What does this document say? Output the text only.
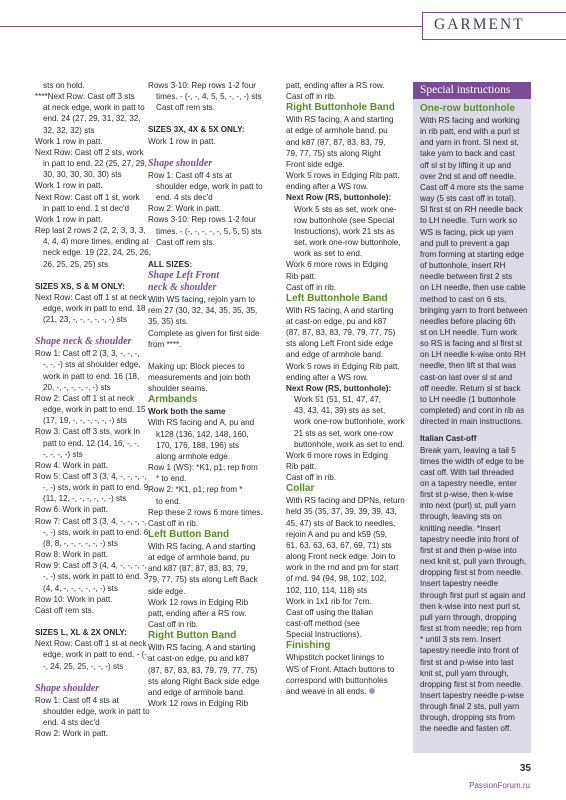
GARMENT

sts on hold.

****Next Row: Cast off 3 sts

at neck edge, work in patt to

end. 24 (27, 29, 31, 32, 32,

32, 32, 32) sts

Work 1 row in patt.

Next Row: Cast off 2 sts, work

in patt to end. 22 (25, 27, 29,

30, 30, 30, 30, 30) sts

Work 1 row in patt.

Next Row: Cast off 1 st, work

in patt to end. 1 st dec'd

Work 1 row in patt.

Rep last 2 rows 2 (2, 2, 3, 3, 3,

4, 4, 4) more times, ending at

neck edge. 19 (22, 24, 25, 26,

26, 25, 25, 25) sts

SIZES XS, S & M ONLY:

Next Row: Cast off 1 st at neck

edge, work in patt to end. 18

(21, 23, -, -, -, -, -, -) sts

Shape neck & shoulder

Row 1: Cast off 2 (3, 3, -, -, -,

-, -, -) sts at shoulder edge,

work in patt to end. 16 (18,

20, -, -, -, -, -, -) sts

Row 2: Cast off 1 st at neck

edge, work in patt to end. 15

(17, 19, -, -, -, -, -, -) sts

Row 3: Cast off 3 sts, work in

patt to end. 12 (14, 16, -, -,

-, -, -, -) sts

Row 4: Work in patt.

Row 5: Cast off 3 (3, 4, -, -, -, -,

-, -) sts, work in patt to end. 9

(11, 12, -, -, -, -, -, -) sts

Row 6: Work in patt.

Row 7: Cast off 3 (3, 4, -, -, -, -,

-, -) sts, work in patt to end. 6

(8, 8, -, -, -, -, -, -) sts

Row 8: Work in patt.

Row 9: Cast off 3 (4, 4, -, -, -, -,

-, -) sts, work in patt to end. 3

(4, 4, -, -, -, -, -, -) sts

Row 10: Work in patt.

Cast off rem sts.

SIZES L, XL & 2X ONLY:

Next Row: Cast off 1 st at neck

edge, work in patt to end. - (-,

-, 24, 25, 25, -, -, -) sts

Shape shoulder

Row 1: Cast off 4 sts at

shoulder edge, work in patt to

end. 4 sts dec'd

Row 2: Work in patt.

Rows 3-10: Rep rows 1-2 four

times. - (-, -, 4, 5, 5, -, -, -) sts

Cast off rem sts.

SIZES 3X, 4X & 5X ONLY:

Work 1 row in patt.

Shape shoulder

Row 1: Cast off 4 sts at

shoulder edge, work in patt to

end. 4 sts dec'd

Row 2: Work in patt.

Rows 3-10: Rep rows 1-2 four

times. - (-, -, -, -, -, 5, 5, 5) sts

Cast off rem sts.

ALL SIZES:

Shape Left Front

neck & shoulder

With WS facing, rejoin yarn to

rem 27 (30, 32, 34, 35, 35, 35,

35, 35) sts.

Complete as given for first side

from ****.

Making up: Block pieces to

measurements and join both

shoulder seams.

Armbands

Work both the same

With RS facing and A, pu and

k128 (136, 142, 148, 160,

170, 176, 188, 196) sts

along armhole edge.

Row 1 (WS): *K1, p1; rep from

* to end.

Row 2: *K1, p1; rep from *

to end.

Rep these 2 rows 6 more times.

Cast off in rib.

Left Button Band

With RS facing, A and starting

at edge of armhole band, pu

and k87 (87, 87, 83, 83, 79,

79, 77, 75) sts along Left Back

side edge.

Work 12 rows in Edging Rib

patt, ending after a RS row.

Cast off in rib.

Right Button Band

With RS facing, A and starting

at cast-on edge, pu and k87

(87, 87, 83, 83, 79, 79, 77, 75)

sts along Right Back side edge

and edge of armhole band.

Work 12 rows in Edging Rib

patt, ending after a RS row.

Cast off in rib.

Right Buttonhole Band

With RS facing, A and starting

at edge of armhole band, pu

and k87 (87, 87, 83, 83, 79,

79, 77, 75) sts along Right

Front side edge.

Work 5 rows in Edging Rib patt,

ending after a WS row.

Next Row (RS, buttonhole):

Work 5 sts as set, work one-

row buttonhole (see Special

Instructions), work 21 sts as

set, work one-row buttonhole,

work as set to end.

Work 6 more rows in Edging

Rib patt.

Cast off in rib.

Left Buttonhole Band

With RS facing, A and starting

at cast-on edge, pu and k87

(87, 87, 83, 83, 79, 79, 77, 75)

sts along Left Front side edge

and edge of armhole band.

Work 5 rows in Edging Rib patt,

ending after a WS row.

Next Row (RS, buttonhole):

Work 51 (51, 51, 47, 47,

43, 43, 41, 39) sts as set,

work one-row buttonhole, work

21 sts as set, work one-row

buttonhole, work as set to end.

Work 6 more rows in Edging

Rib patt.

Cast off in rib.

Collar

With RS facing and DPNs, return

held 35 (35, 37, 39, 39, 39, 43,

45, 47) sts of Back to needles,

rejoin A and pu and k59 (59,

61, 63, 63, 63, 67, 69, 71) sts

along Front neck edge. Join to

work in the rnd and pm for start

of rnd. 94 (94, 98, 102, 102,

102, 110, 114, 118) sts

Work in 1x1 rib for 7cm.

Cast off using the Italian

cast-off method (see

Special Instructions).

Finishing

Whipstitch pocket linings to

WS of Front. Attach buttons to

correspond with buttonholes

and weave in all ends.

Special instructions

One-row buttonhole

With RS facing and working

in rib patt, end with a purl st

and yarn in front. Sl next st,

take yarn to back and cast

off sl st by lifting it up and

over 2nd st and off needle.

Cast off 4 more sts the same

way (5 sts cast off in total).

Sl first st on RH needle back

to LH needle. Turn work so

WS is facing, pick up yarn

and pull to prevent a gap

from forming at starting edge

of buttonhole, insert RH

needle between first 2 sts

on LH needle, then use cable

method to cast on 6 sts,

bringing yarn to front between

needles before placing 6th

st on LH needle. Turn work

so RS is facing and sl first st

on LH needle k-wise onto RH

needle, then lift st that was

cast-on last over sl st and

off needle. Return sl st back

to LH needle (1 buttonhole

completed) and cont in rib as

directed in main instructions.

Italian Cast-off

Break yarn, leaving a tail 5

times the width of edge to be

cast off. With tail threaded

on a tapestry needle, enter

first st p-wise, then k-wise

into next (purl) st, pull yarn

through, leaving sts on

knitting needle. *Insert

tapestry needle into front of

first st and then p-wise into

next knit st, pull yarn through,

dropping first st from needle.

Insert tapestry needle

through first purl st again and

then k-wise into next purl st,

pull yarn through, dropping

first st from needle; rep from

* until 3 sts rem. Insert

tapestry needle into front of

first st and p-wise into last

knit st, pull yarn through,

dropping first st from needle.

Insert tapestry needle p-wise

through final 2 sts, pull yarn

through, dropping sts from

the needle and fasten off.

35
PassionForum.ru
